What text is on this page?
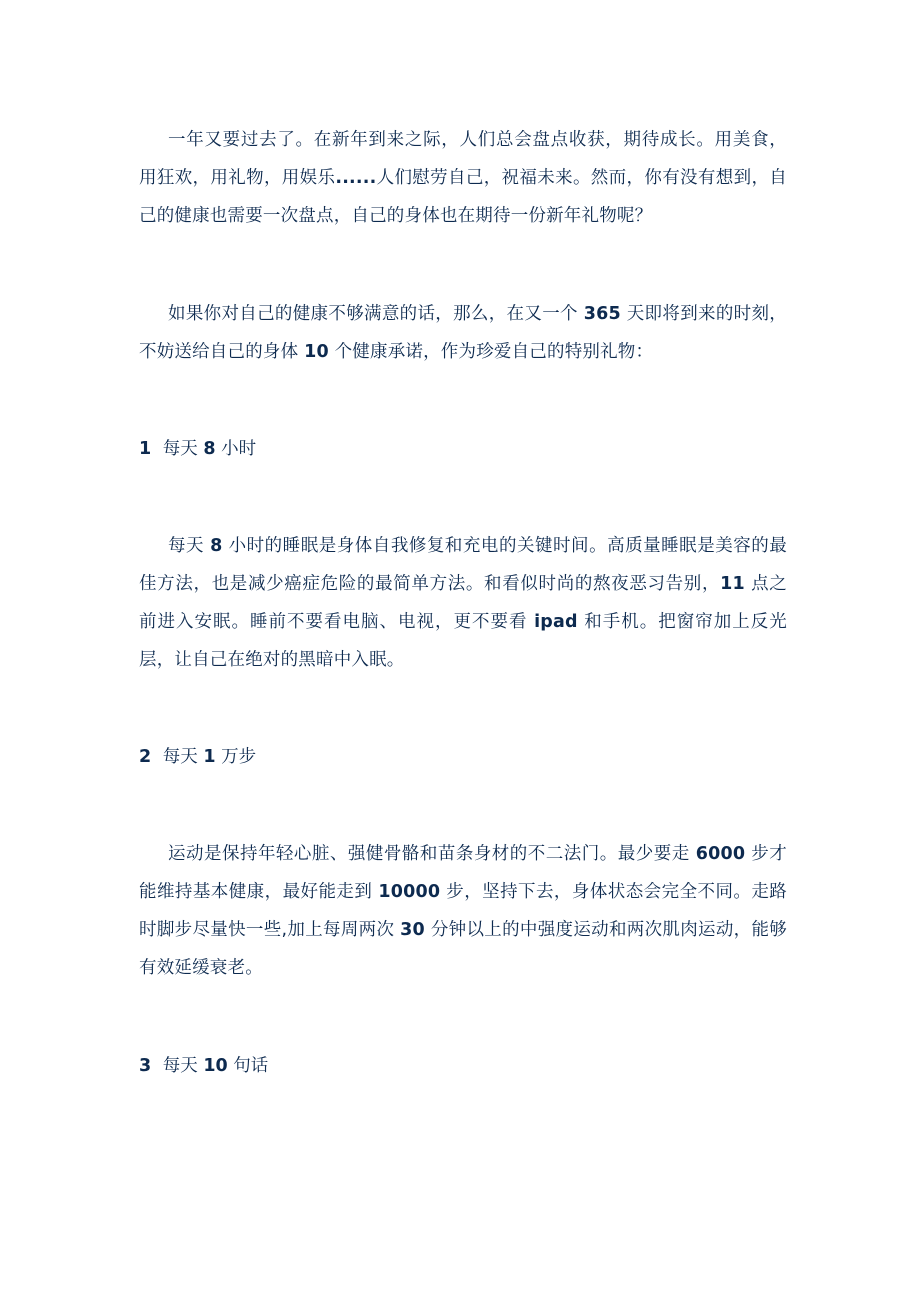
一年又要过去了。在新年到来之际，人们总会盘点收获，期待成长。用美食，用狂欢，用礼物，用娱乐......人们慰劳自己，祝福未来。然而，你有没有想到，自己的健康也需要一次盘点，自己的身体也在期待一份新年礼物呢？

如果你对自己的健康不够满意的话，那么，在又一个 365 天即将到来的时刻，不妨送给自己的身体 10 个健康承诺，作为珍爱自己的特别礼物：

1 每天 8 小时

每天 8 小时的睡眠是身体自我修复和充电的关键时间。高质量睡眠是美容的最佳方法，也是减少癌症危险的最简单方法。和看似时尚的熬夜恶习告别，11 点之前进入安眠。睡前不要看电脑、电视，更不要看 ipad 和手机。把窗帘加上反光层，让自己在绝对的黑暗中入眠。

2 每天 1 万步

运动是保持年轻心脏、强健骨骼和苗条身材的不二法门。最少要走 6000 步才能维持基本健康，最好能走到 10000 步，坚持下去，身体状态会完全不同。走路时脚步尽量快一些,加上每周两次 30 分钟以上的中强度运动和两次肌肉运动，能够有效延缓衰老。

3 每天 10 句话
